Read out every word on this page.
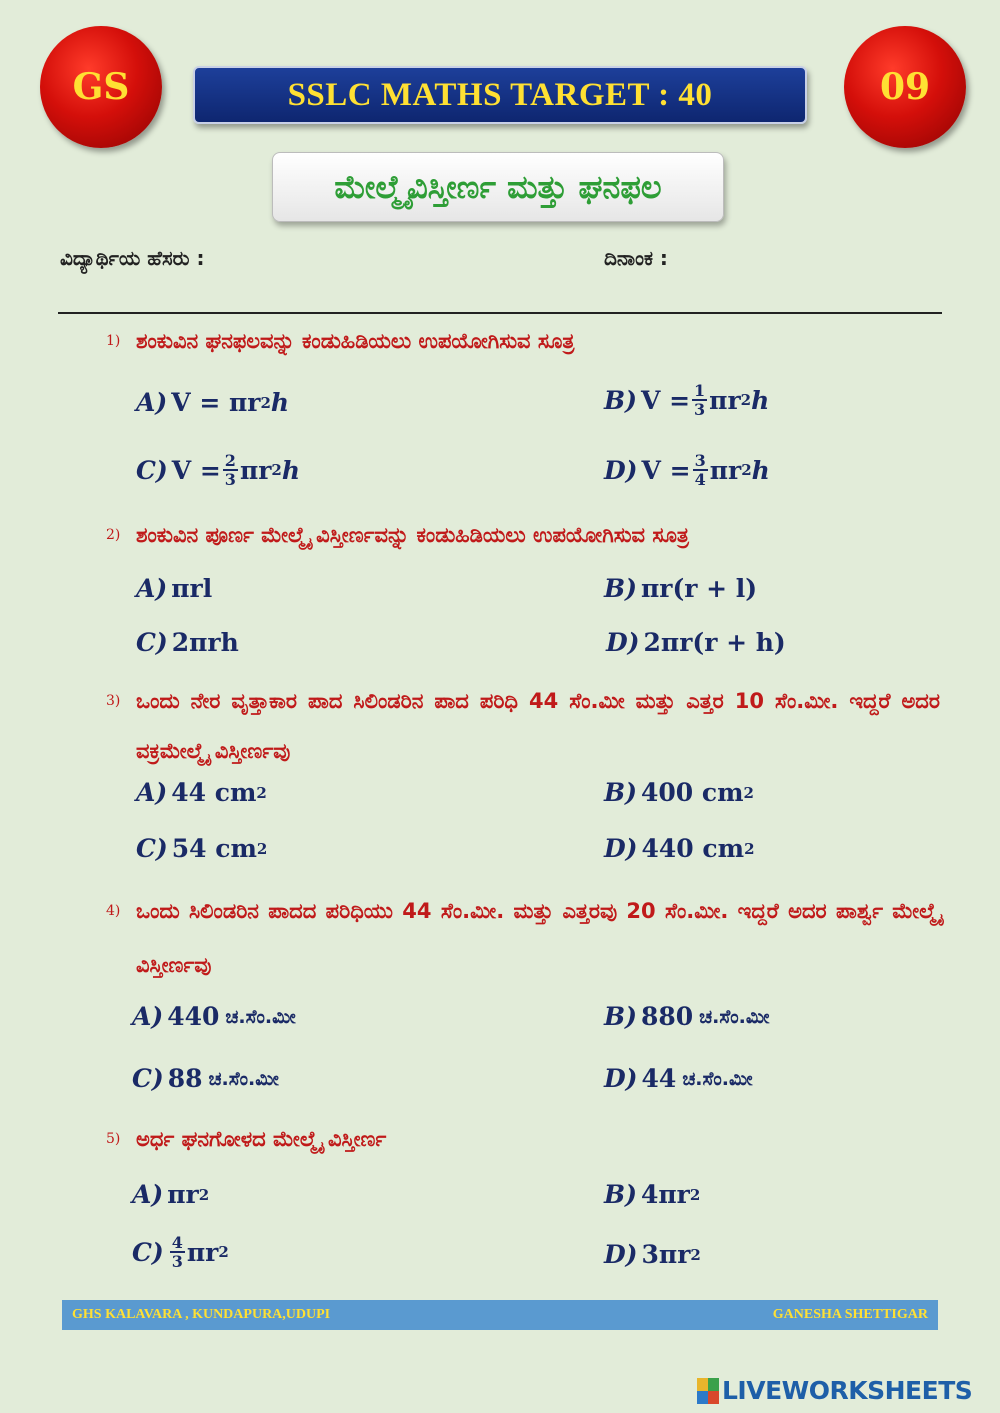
GS	SSLC MATHS TARGET : 40	09
ಮೇಲ್ಮೈವಿಸ್ತೀರ್ಣ ಮತ್ತು ಘನಫಲ
ವಿದ್ಯಾರ್ಥಿಯ ಹೆಸರು :	ದಿನಾಂಕ :
1) ಶಂಕುವಿನ ಘನಫಲವನ್ನು ಕಂಡುಹಿಡಿಯಲು ಉಪಯೋಗಿಸುವ ಸೂತ್ರ
A) V = πr 2 h	B) $V = \frac{1}{3}$ πr 2 h
C) $V = \frac{2}{3}$ πr 2 h	D) $V = \frac{3}{4}$ πr 2 h
2) ಶಂಕುವಿನ ಪೂರ್ಣ ಮೇಲ್ಮೈ ವಿಸ್ತೀರ್ಣವನ್ನು ಕಂಡುಹಿಡಿಯಲು ಉಪಯೋಗಿಸುವ ಸೂತ್ರ
A) πrl	B) πr(r + l)
C) 2πrh	D) 2πr(r + h)
3) ಒಂದು ನೇರ ವೃತ್ತಾಕಾರ ಪಾದ ಸಿಲಿಂಡರಿನ ಪಾದ ಪರಿಧಿ 44 ಸೆಂ.ಮೀ ಮತ್ತು ಎತ್ತರ 10 ಸೆಂ.ಮೀ. ಇದ್ದರೆ ಅದರ ವಕ್ರಮೇಲ್ಮೈ ವಿಸ್ತೀರ್ಣವು
A) 44 cm 2	B) 400 cm 2
C) 54 cm 2	D) 440 cm 2
4) ಒಂದು ಸಿಲಿಂಡರಿನ ಪಾದದ ಪರಿಧಿಯು 44 ಸೆಂ.ಮೀ. ಮತ್ತು ಎತ್ತರವು 20 ಸೆಂ.ಮೀ. ಇದ್ದರೆ ಅದರ ಪಾರ್ಶ್ವ ಮೇಲ್ಮೈ ವಿಸ್ತೀರ್ಣವು
A) 440 ಚ.ಸೆಂ.ಮೀ	B) 880 ಚ.ಸೆಂ.ಮೀ
C) 88 ಚ.ಸೆಂ.ಮೀ	D) 44 ಚ.ಸೆಂ.ಮೀ
5) ಅರ್ಧ ಘನಗೋಳದ ಮೇಲ್ಮೈ ವಿಸ್ತೀರ್ಣ
A) πr 2	B) 4πr 2
$C) \frac{4}{3}$ πr 2	D) 3πr 2
GHS KALAVARA , KUNDAPURA,UDUPI	GANESHA SHETTIGAR
LIVEWORKSHEETS
